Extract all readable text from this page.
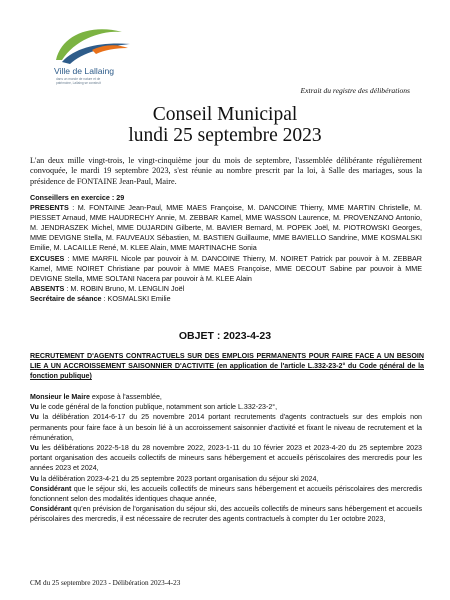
Ville de Lallaing
dans un monde de nature et de patrimoine, Lallaing se construit
Extrait du registre des délibérations
Conseil Municipal
lundi 25 septembre 2023
L'an deux mille vingt-trois, le vingt-cinquième jour du mois de septembre, l'assemblée délibérante régulièrement convoquée, le mardi 19 septembre 2023, s'est réunie au nombre prescrit par la loi, à Salle des mariages, sous la présidence de FONTAINE Jean-Paul, Maire.
Conseillers en exercice : 29
PRESENTS : M. FONTAINE Jean-Paul, MME MAES Françoise, M. DANCOINE Thierry, MME MARTIN Christelle, M. PIESSET Arnaud, MME HAUDRECHY Annie, M. ZEBBAR Kamel, MME WASSON Laurence, M. PROVENZANO Antonio, M. JENDRASZEK Michel, MME DUJARDIN Gilberte, M. BAVIER Bernard, M. POPEK Joël, M. PIOTROWSKI Georges, MME DEVIGNE Stella, M. FAUVEAUX Sébastien, M. BASTIEN Guillaume, MME BAVIELLO Sandrine, MME KOSMALSKI Emilie, M. LACAILLE René, M. KLEE Alain, MME MARTINACHE Sonia
EXCUSES : MME MARFIL Nicole par pouvoir à M. DANCOINE Thierry, M. NOIRET Patrick par pouvoir à M. ZEBBAR Kamel, MME NOIRET Christiane par pouvoir à MME MAES Françoise, MME DECOUT Sabine par pouvoir à MME DEVIGNE Stella, MME SOLTANI Nacera par pouvoir à M. KLEE Alain
ABSENTS : M. ROBIN Bruno, M. LENGLIN Joël
Secrétaire de séance : KOSMALSKI Emilie
OBJET : 2023-4-23
RECRUTEMENT D'AGENTS CONTRACTUELS SUR DES EMPLOIS PERMANENTS POUR FAIRE FACE A UN BESOIN LIE A UN ACCROISSEMENT SAISONNIER D'ACTIVITE (en application de l'article L.332-23-2° du Code général de la fonction publique)

Monsieur le Maire expose à l'assemblée,

Vu le code général de la fonction publique, notamment son article L.332-23-2°,

Vu la délibération 2014-6-17 du 25 novembre 2014 portant recrutements d'agents contractuels sur des emplois non permanents pour faire face à un besoin lié à un accroissement saisonnier d'activité et fixant le niveau de recrutement et la rémunération,

Vu les délibérations 2022-5-18 du 28 novembre 2022, 2023-1-11 du 10 février 2023 et 2023-4-20 du 25 septembre 2023 portant organisation des accueils collectifs de mineurs sans hébergement et accueils périscolaires des mercredis pour les années 2023 et 2024,

Vu la délibération 2023-4-21 du 25 septembre 2023 portant organisation du séjour ski 2024,

Considérant que le séjour ski, les accueils collectifs de mineurs sans hébergement et accueils périscolaires des mercredis fonctionnent selon des modalités identiques chaque année,

Considérant qu'en prévision de l'organisation du séjour ski, des accueils collectifs de mineurs sans hébergement et accueils périscolaires des mercredis, il est nécessaire de recruter des agents contractuels à compter du 1er octobre 2023,

CM du 25 septembre 2023 - Délibération 2023-4-23
